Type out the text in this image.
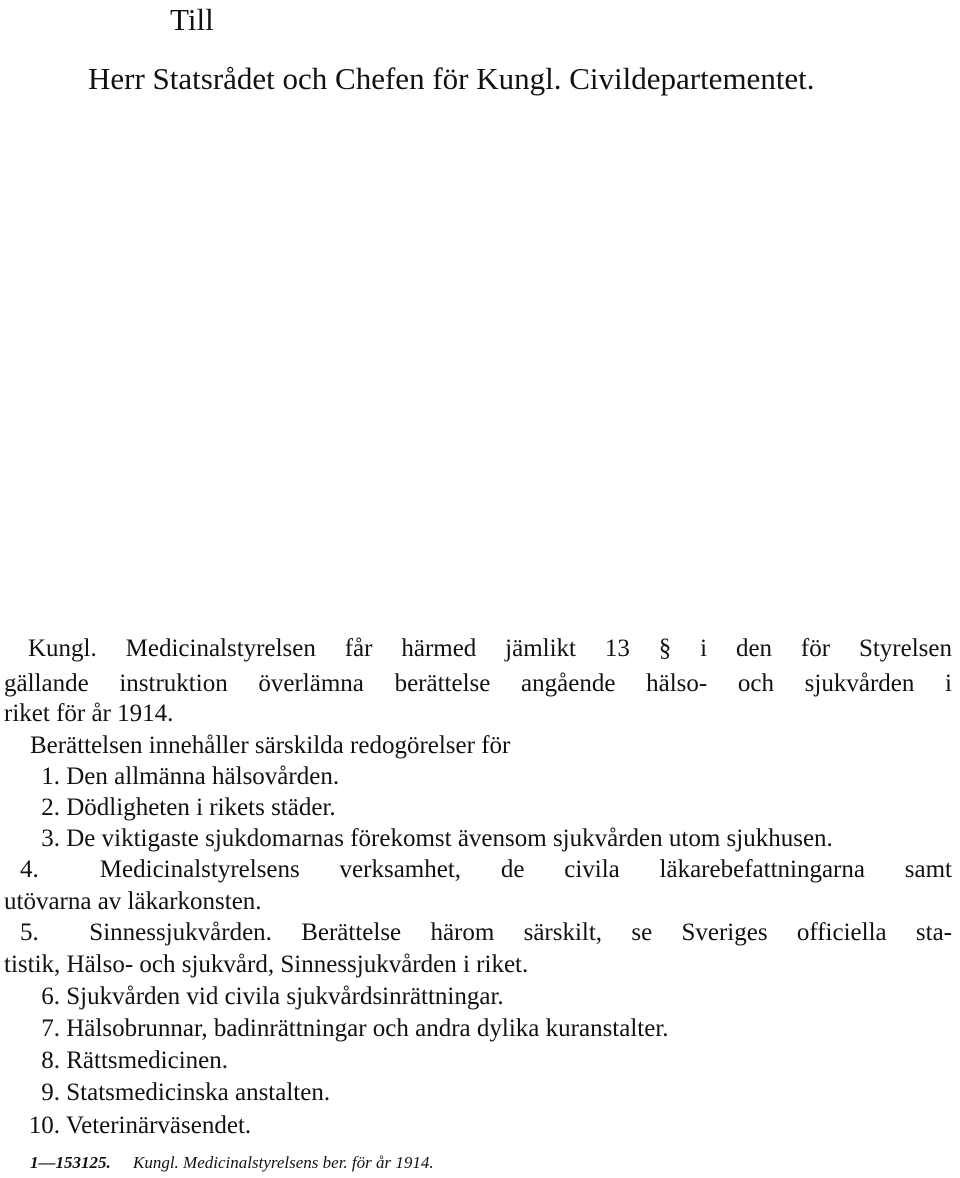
Till
Herr Statsrådet och Chefen för Kungl. Civildepartementet.
Kungl. Medicinalstyrelsen får härmed jämlikt 13 § i den för Styrelsen
gällande instruktion överlämna berättelse angående hälso- och sjukvården i
riket för år 1914.
Berättelsen innehåller särskilda redogörelser för
1. Den allmänna hälsovården.
2. Dödligheten i rikets städer.
3. De viktigaste sjukdomarnas förekomst ävensom sjukvården utom sjukhusen.
4. Medicinalstyrelsens verksamhet, de civila läkarebefattningarna samt
utövarna av läkarkonsten.
5. Sinnessjukvården. Berättelse härom särskilt, se Sveriges officiella sta-
tistik, Hälso- och sjukvård, Sinnessjukvården i riket.
6. Sjukvården vid civila sjukvårdsinrättningar.
7. Hälsobrunnar, badinrättningar och andra dylika kuranstalter.
8. Rättsmedicinen.
9. Statsmedicinska anstalten.
10. Veterinärväsendet.
1—153125. Kungl. Medicinalstyrelsens ber. för år 1914.
